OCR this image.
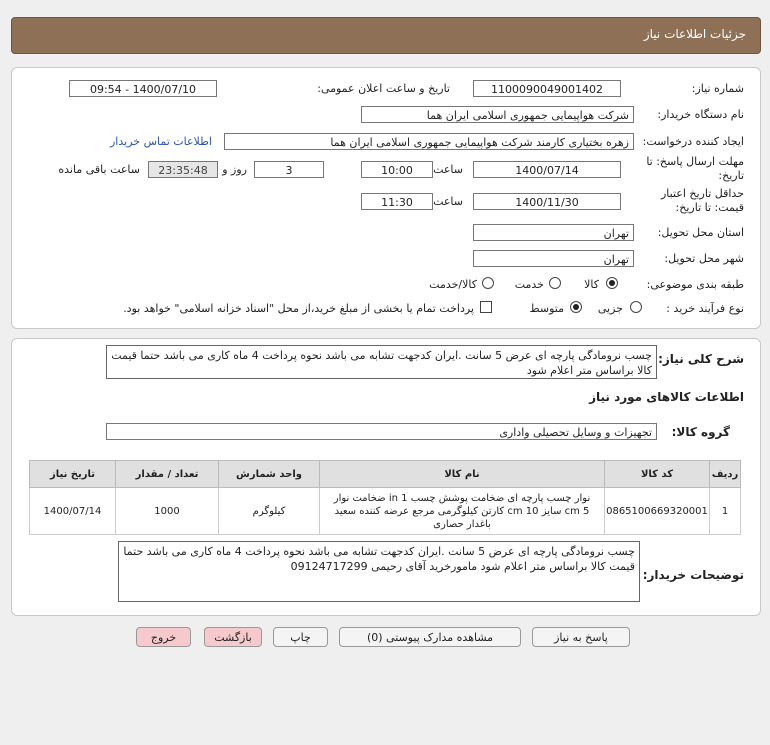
جزئیات اطلاعات نیاز
شماره نیاز:
1100090049001402
تاریخ و ساعت اعلان عمومی:
1400/07/10 - 09:54
نام دستگاه خریدار:
شرکت هواپیمایی جمهوری اسلامی ایران هما
ایجاد کننده درخواست:
زهره بختیاری کارمند شرکت هواپیمایی جمهوری اسلامی ایران هما
اطلاعات تماس خریدار
مهلت ارسال پاسخ: تا
تاریخ:
1400/07/14
ساعت
10:00
3
روز و
23:35:48
ساعت باقی مانده
حداقل تاریخ اعتبار
قیمت: تا تاریخ:
1400/11/30
ساعت
11:30
استان محل تحویل:
تهران
شهر محل تحویل:
تهران
طبقه بندی موضوعی:
کالا
خدمت
کالا/خدمت
نوع فرآیند خرید :
جزیی
متوسط
پرداخت تمام یا بخشی از مبلغ خرید،از محل "اسناد خزانه اسلامی" خواهد بود.
شرح کلی نیاز:
چسب نرومادگی پارچه ای عرض 5 سانت .ایران کدجهت تشابه می باشد نحوه پرداخت 4 ماه کاری می باشد حتما قیمت کالا براساس متر اعلام شود
اطلاعات کالاهای مورد نیاز
گروه کالا:
تجهیزات و وسایل تحصیلی واداری
ردیف	کد کالا	نام کالا	واحد شمارش	تعداد / مقدار	تاریخ نیاز
1	0865100669320001	نوار چسب پارچه ای ضخامت پوشش چسب in 1 ضخامت نوار cm 5 سایز cm 10 کارتن کیلوگرمی مرجع عرضه کننده سعید باغدار حصاری	کیلوگرم	1000	1400/07/14
توضیحات خریدار:
چسب نرومادگی پارچه ای عرض 5 سانت .ایران کدجهت تشابه می باشد نحوه پرداخت 4 ماه کاری می باشد حتما قیمت کالا براساس متر اعلام شود مامورخرید آقای رحیمی 09124717299
پاسخ به نیاز
مشاهده مدارک پیوستی (0)
چاپ
بازگشت
خروج
